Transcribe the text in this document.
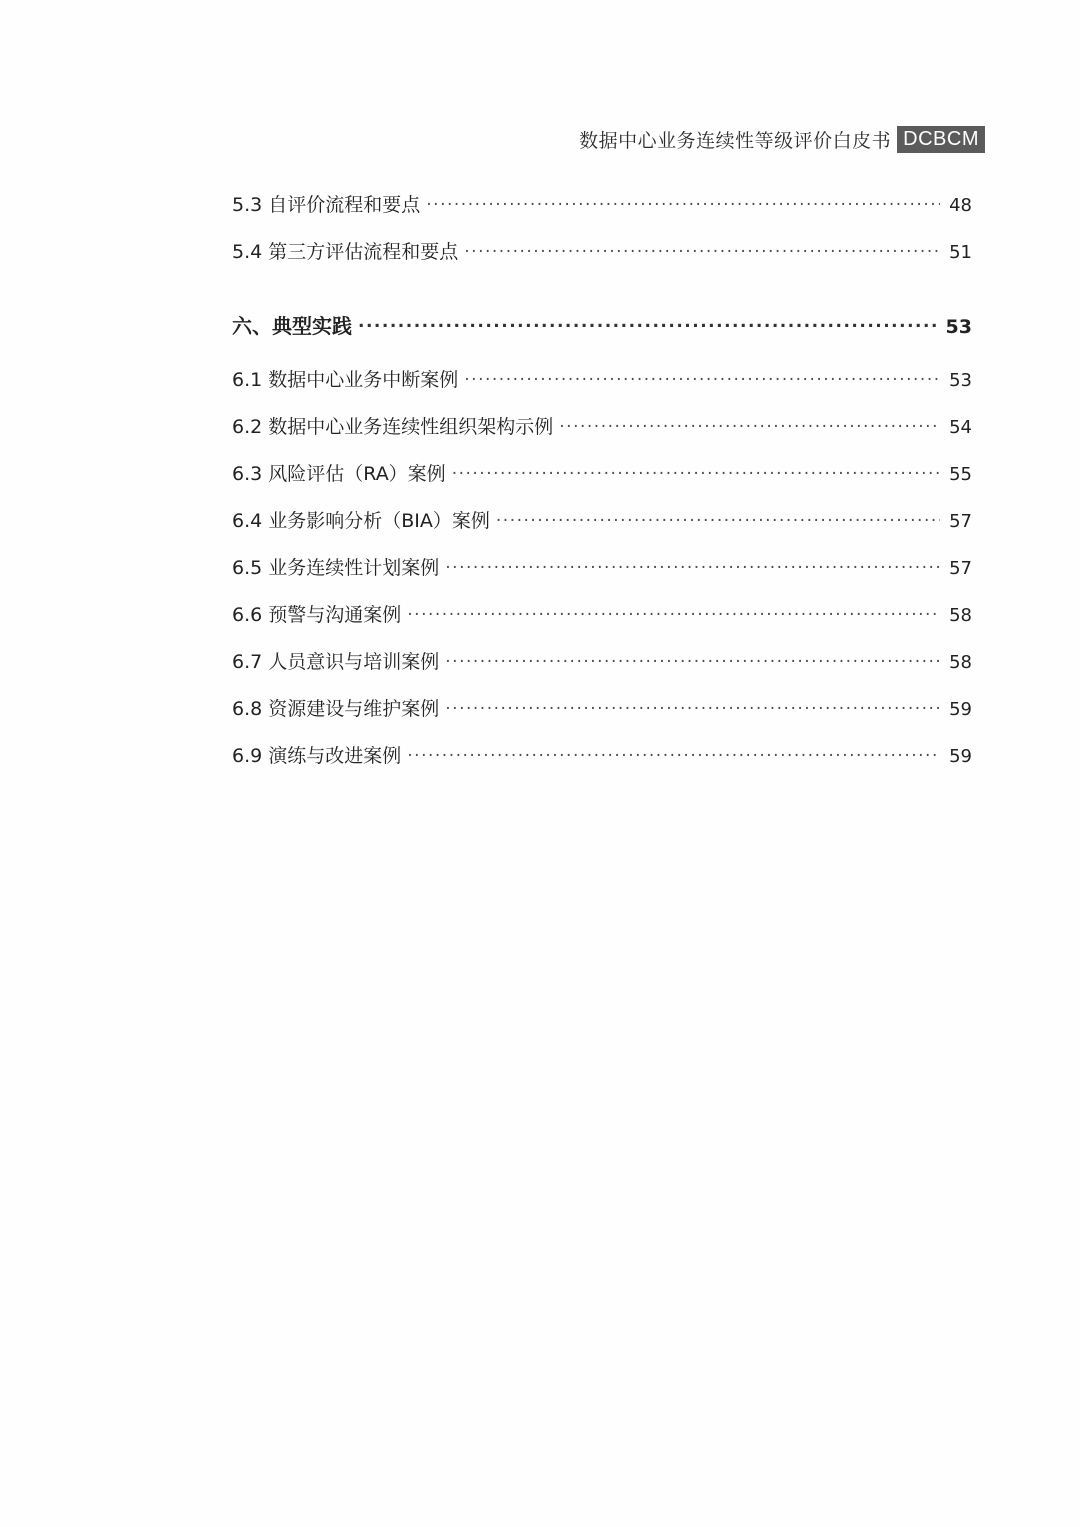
数据中心业务连续性等级评价白皮书 DCBCM
5.3 自评价流程和要点 .....	48
5.4 第三方评估流程和要点 .....	51
六、典型实践 .....	53
6.1 数据中心业务中断案例 .....	53
6.2 数据中心业务连续性组织架构示例 .....	54
6.3 风险评估（RA）案例 .....	55
6.4 业务影响分析（BIA）案例 .....	57
6.5 业务连续性计划案例 .....	57
6.6 预警与沟通案例 .....	58
6.7 人员意识与培训案例 .....	58
6.8 资源建设与维护案例 .....	59
6.9 演练与改进案例 .....	59
